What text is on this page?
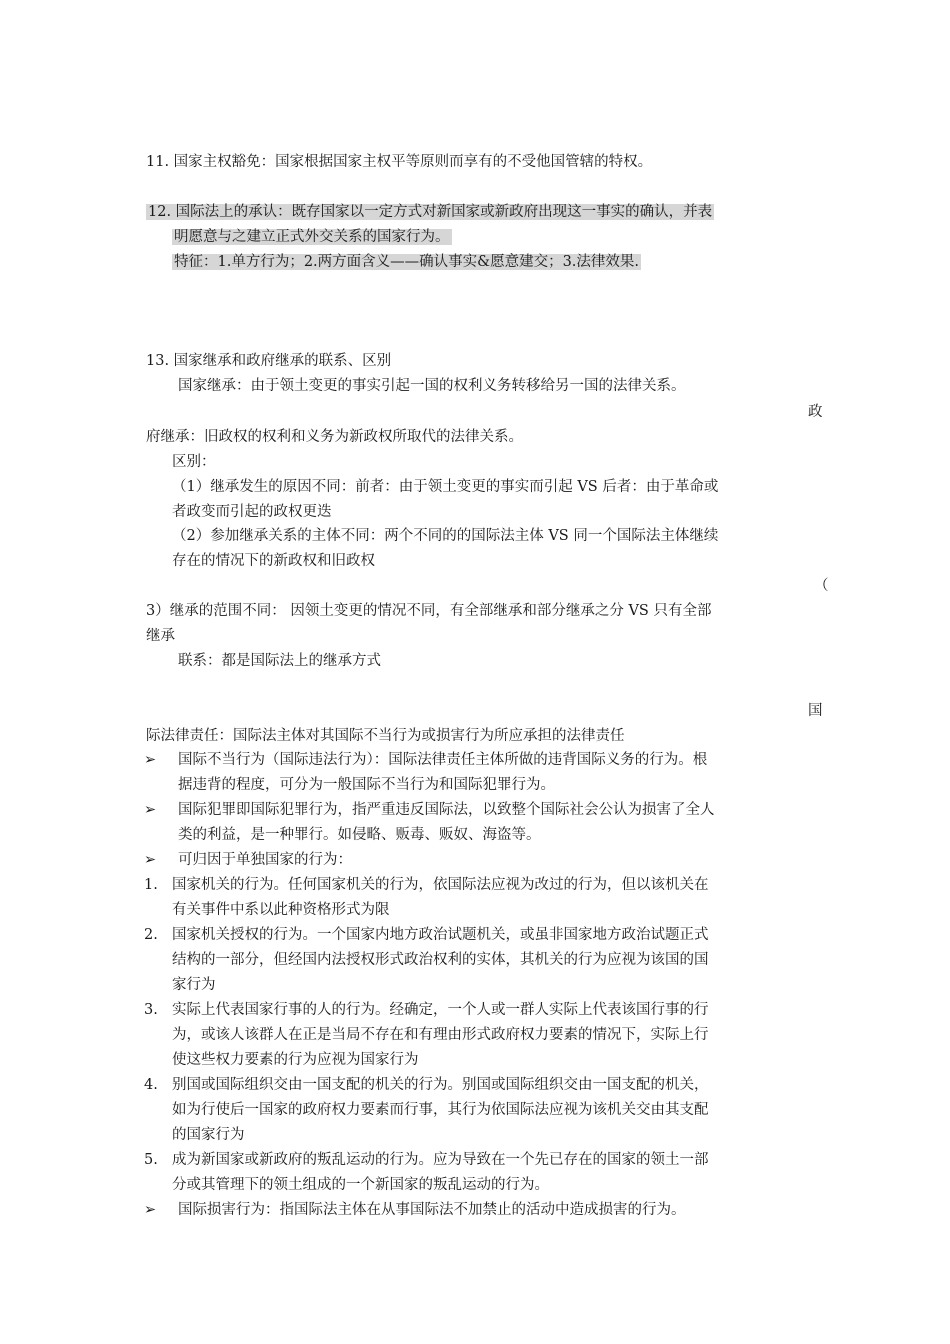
11. 国家主权豁免：国家根据国家主权平等原则而享有的不受他国管辖的特权。
12. 国际法上的承认：既存国家以一定方式对新国家或新政府出现这一事实的确认，并表
明愿意与之建立正式外交关系的国家行为。
特征：1.单方行为；2.两方面含义——确认事实&愿意建交；3.法律效果.
13. 国家继承和政府继承的联系、区别
国家继承：由于领土变更的事实引起一国的权利义务转移给另一国的法律关系。
政
府继承：旧政权的权利和义务为新政权所取代的法律关系。
区别：
（1）继承发生的原因不同：前者：由于领土变更的事实而引起 VS 后者：由于革命或
者政变而引起的政权更迭
（2）参加继承关系的主体不同：两个不同的的国际法主体 VS 同一个国际法主体继续
存在的情况下的新政权和旧政权
（
3）继承的范围不同： 因领土变更的情况不同，有全部继承和部分继承之分 VS 只有全部
继承
联系：都是国际法上的继承方式
国
际法律责任：国际法主体对其国际不当行为或损害行为所应承担的法律责任
➢	国际不当行为（国际违法行为）：国际法律责任主体所做的违背国际义务的行为。根
据违背的程度，可分为一般国际不当行为和国际犯罪行为。
➢	国际犯罪即国际犯罪行为，指严重违反国际法，以致整个国际社会公认为损害了全人
类的利益，是一种罪行。如侵略、贩毒、贩奴、海盗等。
➢	可归因于单独国家的行为：
1. 国家机关的行为。任何国家机关的行为，依国际法应视为改过的行为，但以该机关在
有关事件中系以此种资格形式为限
2. 国家机关授权的行为。一个国家内地方政治试题机关，或虽非国家地方政治试题正式
结构的一部分，但经国内法授权形式政治权利的实体，其机关的行为应视为该国的国
家行为
3. 实际上代表国家行事的人的行为。经确定，一个人或一群人实际上代表该国行事的行
为，或该人该群人在正是当局不存在和有理由形式政府权力要素的情况下，实际上行
使这些权力要素的行为应视为国家行为
4. 别国或国际组织交由一国支配的机关的行为。别国或国际组织交由一国支配的机关，
如为行使后一国家的政府权力要素而行事，其行为依国际法应视为该机关交由其支配
的国家行为
5. 成为新国家或新政府的叛乱运动的行为。应为导致在一个先已存在的国家的领土一部
分或其管理下的领土组成的一个新国家的叛乱运动的行为。
➢	国际损害行为：指国际法主体在从事国际法不加禁止的活动中造成损害的行为。
